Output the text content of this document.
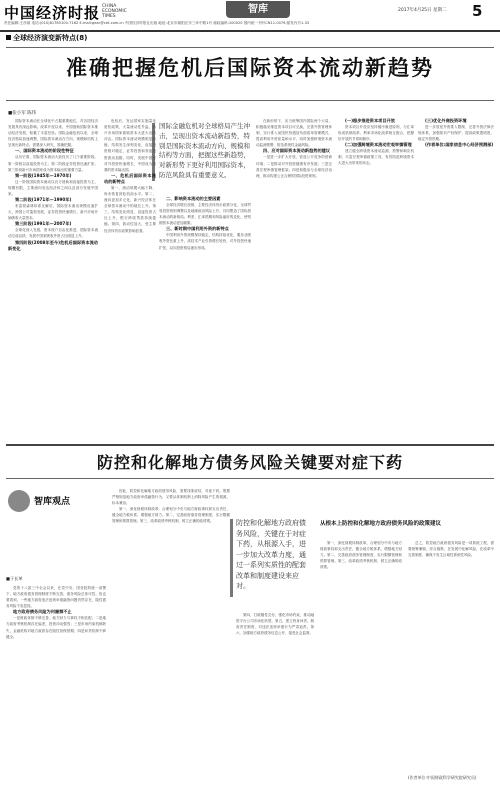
中国经济时报 CHINA
ECONOMIC
TIMES
智库	2017年4月25日 星期二 5
责任编辑:王彦斌 电话:(010)81785100-7162 E-mail:gezc@cet.com.cn 中国经济时报社出版 地址:北京市朝阳区东三环中路1号 邮政编码:100020 国内统一刊号CN11-0076 邮发代号1-33
全球经济演变新特点(8)
准确把握危机后国际资本流动新趋势
■张小军 陈伟

国际资本流动在全球化中占据重要地位，对各国经济发展具有深远影响。改革开放以来，中国借助国际资本推动经济发展，积累了丰富经验。国际金融危机以来，全球经济格局加速调整，国际资本流动在方向、规模和结构上呈现出新特点，需要深入研究，准确把握。

一、国际资本流动的阶段性特征

从历史看，国际资本流动大致经历了几个重要阶段。第一阶段以直接投资为主；第二阶段证券投资迅速扩张；第三阶段新兴市场国家成为资本输出的重要力量。

第一阶段(1945年—1970年)

这一阶段国际资本流动以官方援助和直接投资为主，规模有限，主要流向发达经济体之间以及部分发展中国家。

第二阶段(1971年—1990年)

布雷顿森林体系瓦解后，国际资本流动规模迅速扩大，跨国公司蓬勃发展，证券投资快速增长，新兴市场开始吸收大量资本。

第三阶段(1991年—2007年)

全球化深入发展，资本账户自由化推进，国际资本流动空前活跃，发展中国家吸收外资占比明显上升。

第四阶段(2008年至今)危机后国际资本流动新变化

国际金融危机对全球格局产生冲击，呈现出资本流动新趋势，特别是国际资本流动方向、规模和结构等方面，把握这些新趋势，对新形势下更好利用国际资本，防范风险具有重要意义。

危机后，发达国家实施量化宽松政策，大量流动性外溢，新兴市场国家面临资本大进大出的冲击。国际资本流动规模明显收缩，结构发生深刻变化，直接投资相对稳定，证券投资和其他投资波动加剧。同时，发展中国家对外投资快速增长，中国成为重要的资本输出国。

一、危机后国际资本流动的新特点

第一，流动规模大幅下降，尚未恢复到危机前水平。第二，流向更加多元化，新兴经济体在全球资本流动中的地位上升。第三，结构变化明显，直接投资占比上升，银行跨境贷款持续萎缩。第四，波动性加大，受主要经济体货币政策影响显著。

二、影响资本流动的主要因素

全球经济增长放缓、主要经济体货币政策分化、全球贸易投资规则调整以及地缘政治风险上升，共同塑造了国际资本流动的新格局。利差、汇率预期和风险偏好的变化，使短期资本流动更加频繁。

三、新时期中国利用外资的新特点

中国利用外资规模保持稳定，结构持续优化，服务业吸收外资比重上升，高技术产业引资增长较快，对外投资快速扩张，双向投资格局逐步形成。

在新形势下，应当统筹国内国际两个大局，积极稳妥推进资本项目可兑换，完善外资管理体制，实行准入前国民待遇加负面清单管理模式，提高利用外资质量和水平，同时加强跨境资本流动监测预警，防范系统性金融风险。

四、应对国际资本流动新趋势的建议

一是进一步扩大开放，营造公平竞争的营商环境；二是推动对外投资健康有序发展；三是完善宏观审慎管理框架；四是积极参与全球经济治理，推动构建公正合理的国际投资规则。

(一)稳步推进资本项目开放

资本项目开放应坚持循序渐进原则，与汇率形成机制改革、利率市场化改革相互配合，把握好开放的节奏和顺序。

(二)加强跨境资本流动宏观审慎管理

建立健全跨境资本流动监测、预警和响应机制，丰富宏观审慎政策工具，有效防范跨境资本大进大出带来的冲击。

(三)优化外商投资环境

进一步放宽外资准入限制，完善外资法律法规体系，加强知识产权保护，提高政策透明度，稳定外资预期。

(作者单位:国家信息中心经济预测部)

防控和化解地方债务风险关键要对症下药
智库观点
■于长革

党的十八届三中全会以来，在党中央、国务院的统一部署下，地方政府债务管理制度不断完善，债务风险总体可控。但也要看到，一些地方政府违法违规举债融资问题仍然存在，隐性债务风险不容忽视。

地方政府债务风险为何屡禁不止

一是财政体制不够完善，地方财力与事权不相匹配；二是地方政府考核机制存在偏差，投资冲动强烈；三是市场约束机制缺失，金融机构对地方政府存在隐性担保预期；四是问责机制不够健全。

因此，防控和化解地方政府债务风险，需要找准症结，对症下药。既要严格规范地方政府举债融资行为，又要从体制机制上消除风险产生的根源，标本兼治。

第一，深化财税体制改革，合理划分中央与地方财政事权和支出责任，健全地方税体系，增强地方财力。第二，完善政府债务管理制度，实行限额管理和预算管理。第三，改革政绩考核机制，树立正确的政绩观。	防控和化解地方政府债务风险，关键在于对症下药，从根源入手，进一步加大改革力度，通过一系列实质性的配套改革和制度建设来应对。

第四，打破刚性兑付，强化市场约束，推动融资平台公司市场化转型。第五，建立终身问责、倒查责任制度，对违法违规举债行为严肃追责。第六，加强地方政府债务信息公开，接受社会监督。

从根本上防控和化解地方政府债务风险的政策建议

第一，深化财税体制改革，合理划分中央与地方财政事权和支出责任，健全地方税体系，增强地方财力。第二，完善政府债务管理制度，实行限额管理和预算管理。第三，改革政绩考核机制，树立正确的政绩观。

总之，防控地方政府债务风险是一项系统工程，需要统筹兼顾、综合施策，在发展中化解风险，在改革中完善制度，确保不发生区域性系统性风险。

(作者单位:中国财政科学研究院研究员)
